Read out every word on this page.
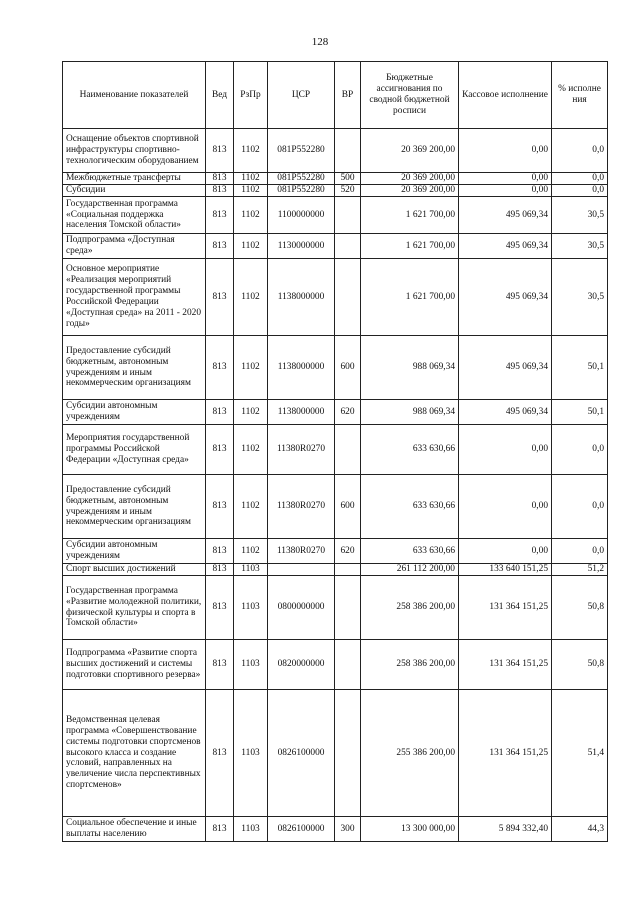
128
Наименование показателей	Вед	РзПр	ЦСР	ВР	Бюджетные ассигнования по сводной бюджетной росписи	Кассовое исполнение	% исполне ния
Оснащение объектов спортивной инфраструктуры спортивно-технологическим оборудованием	813	1102	081P552280		20 369 200,00	0,00	0,0
Межбюджетные трансферты	813	1102	081P552280	500	20 369 200,00	0,00	0,0
Субсидии	813	1102	081P552280	520	20 369 200,00	0,00	0,0
Государственная программа «Социальная поддержка населения Томской области»	813	1102	1100000000		1 621 700,00	495 069,34	30,5
Подпрограмма «Доступная среда»	813	1102	1130000000		1 621 700,00	495 069,34	30,5
Основное мероприятие «Реализация мероприятий государственной программы Российской Федерации «Доступная среда» на 2011 - 2020 годы»	813	1102	1138000000		1 621 700,00	495 069,34	30,5
Предоставление субсидий бюджетным, автономным учреждениям и иным некоммерческим организациям	813	1102	1138000000	600	988 069,34	495 069,34	50,1
Субсидии автономным учреждениям	813	1102	1138000000	620	988 069,34	495 069,34	50,1
Мероприятия государственной программы Российской Федерации «Доступная среда»	813	1102	11380R0270		633 630,66	0,00	0,0
Предоставление субсидий бюджетным, автономным учреждениям и иным некоммерческим организациям	813	1102	11380R0270	600	633 630,66	0,00	0,0
Субсидии автономным учреждениям	813	1102	11380R0270	620	633 630,66	0,00	0,0
Спорт высших достижений	813	1103			261 112 200,00	133 640 151,25	51,2
Государственная программа «Развитие молодежной политики, физической культуры и спорта в Томской области»	813	1103	0800000000		258 386 200,00	131 364 151,25	50,8
Подпрограмма «Развитие спорта высших достижений и системы подготовки спортивного резерва»	813	1103	0820000000		258 386 200,00	131 364 151,25	50,8
Ведомственная целевая программа «Совершенствование системы подготовки спортсменов высокого класса и создание условий, направленных на увеличение числа перспективных спортсменов»	813	1103	0826100000		255 386 200,00	131 364 151,25	51,4
Социальное обеспечение и иные выплаты населению	813	1103	0826100000	300	13 300 000,00	5 894 332,40	44,3
